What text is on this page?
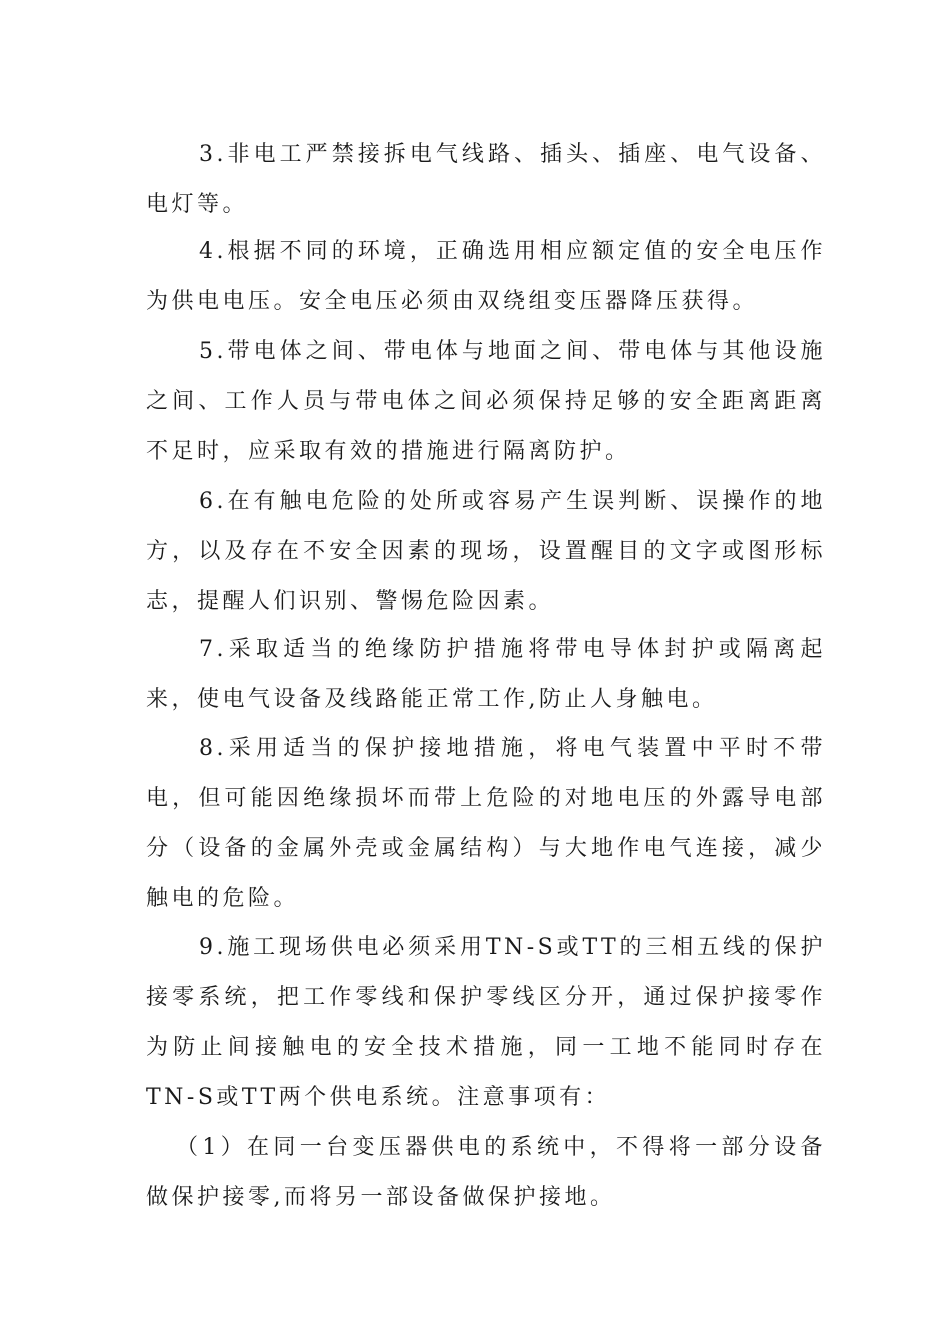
3.非电工严禁接拆电气线路、插头、插座、电气设备、电灯等。

4.根据不同的环境，正确选用相应额定值的安全电压作为供电电压。安全电压必须由双绕组变压器降压获得。

5.带电体之间、带电体与地面之间、带电体与其他设施之间、工作人员与带电体之间必须保持足够的安全距离距离不足时，应采取有效的措施进行隔离防护。

6.在有触电危险的处所或容易产生误判断、误操作的地方，以及存在不安全因素的现场，设置醒目的文字或图形标志，提醒人们识别、警惕危险因素。

7.采取适当的绝缘防护措施将带电导体封护或隔离起来，使电气设备及线路能正常工作,防止人身触电。

8.采用适当的保护接地措施，将电气装置中平时不带电，但可能因绝缘损坏而带上危险的对地电压的外露导电部分（设备的金属外壳或金属结构）与大地作电气连接，减少触电的危险。

9.施工现场供电必须采用TN-S或TT的三相五线的保护接零系统，把工作零线和保护零线区分开，通过保护接零作为防止间接触电的安全技术措施，同一工地不能同时存在TN-S或TT两个供电系统。注意事项有：

（1）在同一台变压器供电的系统中，不得将一部分设备做保护接零,而将另一部设备做保护接地。
